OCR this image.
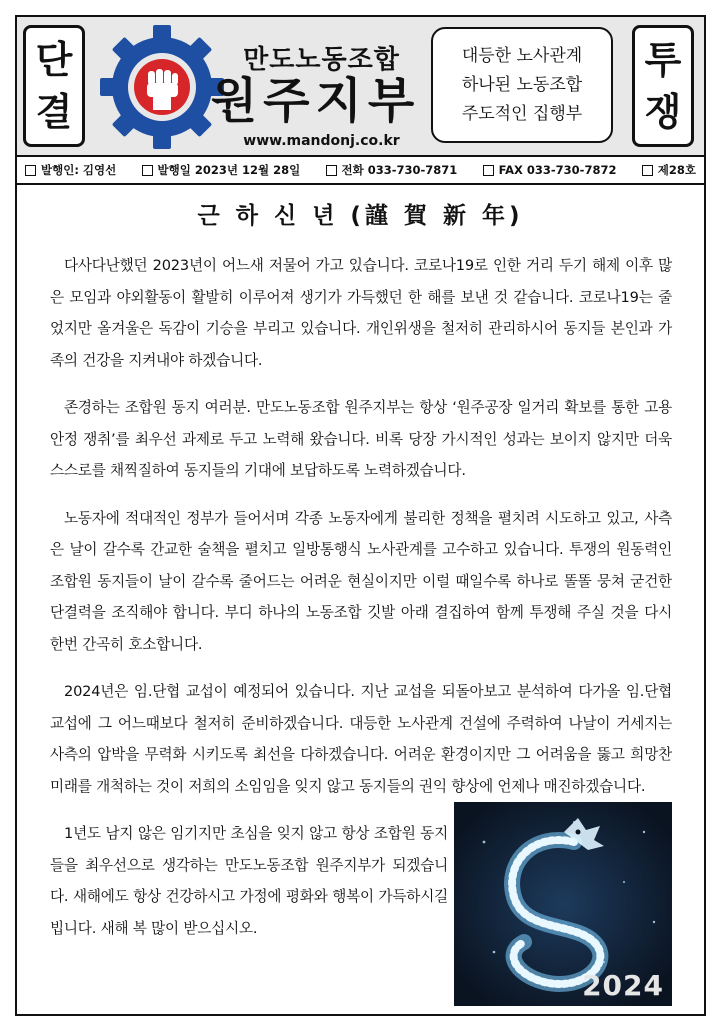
단
결
만도노동조합
원주지부
www.mandonj.co.kr
대등한 노사관계
하나된 노동조합
주도적인 집행부
투
쟁
발행인: 김영선	발행일 2023년 12월 28일	전화 033-730-7871	FAX 033-730-7872	제28호
근 하 신 년 (謹 賀 新 年)

다사다난했던 2023년이 어느새 저물어 가고 있습니다. 코로나19로 인한 거리 두기 해제 이후 많은 모임과 야외활동이 활발히 이루어져 생기가 가득했던 한 해를 보낸 것 같습니다. 코로나19는 줄었지만 올겨울은 독감이 기승을 부리고 있습니다. 개인위생을 철저히 관리하시어 동지들 본인과 가족의 건강을 지켜내야 하겠습니다.

존경하는 조합원 동지 여러분. 만도노동조합 원주지부는 항상 ‘원주공장 일거리 확보를 통한 고용 안정 쟁취’를 최우선 과제로 두고 노력해 왔습니다. 비록 당장 가시적인 성과는 보이지 않지만 더욱 스스로를 채찍질하여 동지들의 기대에 보답하도록 노력하겠습니다.

노동자에 적대적인 정부가 들어서며 각종 노동자에게 불리한 정책을 펼치려 시도하고 있고, 사측은 날이 갈수록 간교한 술책을 펼치고 일방통행식 노사관계를 고수하고 있습니다. 투쟁의 원동력인 조합원 동지들이 날이 갈수록 줄어드는 어려운 현실이지만 이럴 때일수록 하나로 똘똘 뭉쳐 굳건한 단결력을 조직해야 합니다. 부디 하나의 노동조합 깃발 아래 결집하여 함께 투쟁해 주실 것을 다시 한번 간곡히 호소합니다.

2024년은 임.단협 교섭이 예정되어 있습니다. 지난 교섭을 되돌아보고 분석하여 다가올 임.단협 교섭에 그 어느때보다 철저히 준비하겠습니다. 대등한 노사관계 건설에 주력하여 나날이 거세지는 사측의 압박을 무력화 시키도록 최선을 다하겠습니다. 어려운 환경이지만 그 어려움을 뚫고 희망찬 미래를 개척하는 것이 저희의 소임임을 잊지 않고 동지들의 권익 향상에 언제나 매진하겠습니다.

1년도 남지 않은 임기지만 초심을 잊지 않고 항상 조합원 동지들을 최우선으로 생각하는 만도노동조합 원주지부가 되겠습니다. 새해에도 항상 건강하시고 가정에 평화와 행복이 가득하시길 빕니다. 새해 복 많이 받으십시오.

2024
